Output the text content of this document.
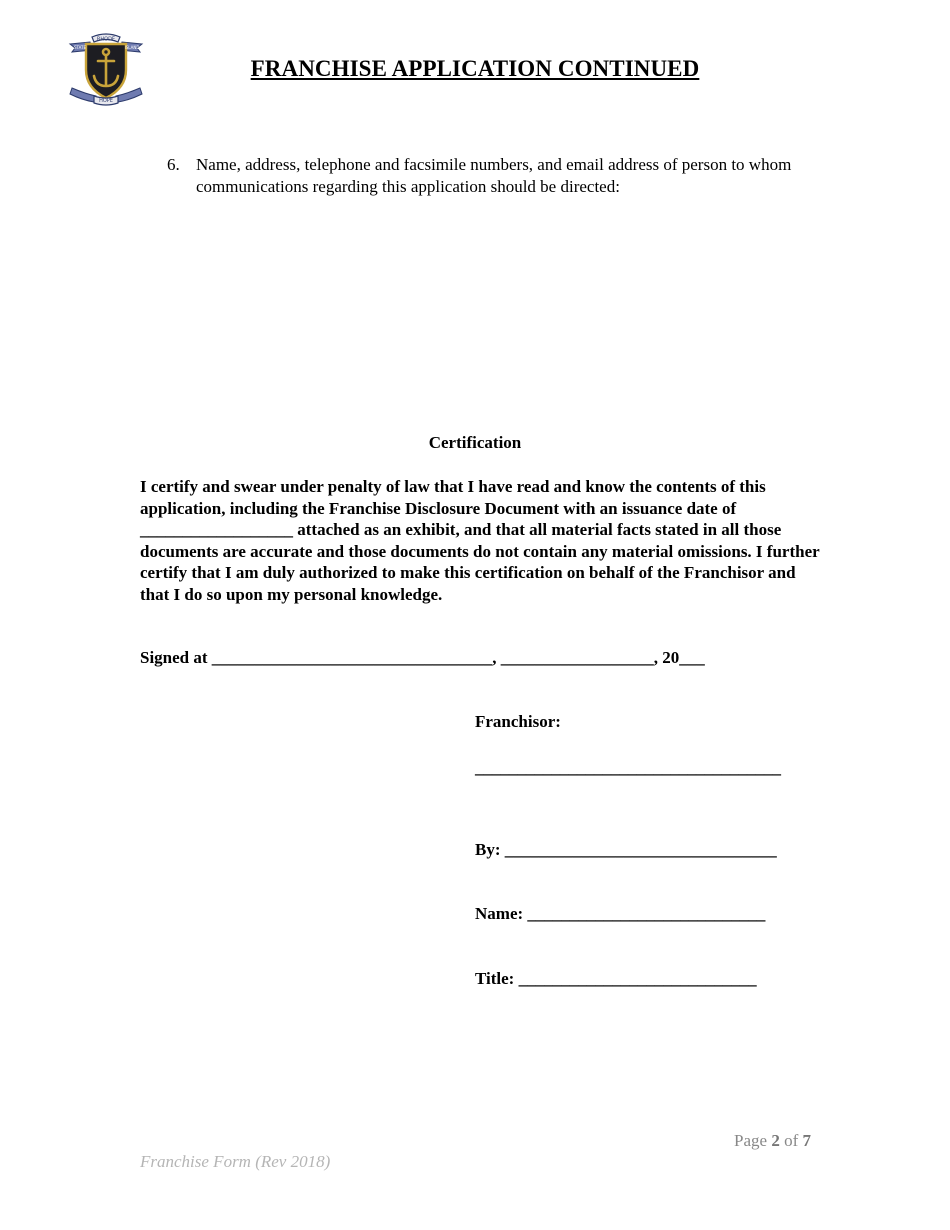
RHODE
STATE	ISLAND
HOPE
FRANCHISE APPLICATION CONTINUED
6. Name, address, telephone and facsimile numbers, and email address of person to whom communications regarding this application should be directed:
Certification
I certify and swear under penalty of law that I have read and know the contents of this application, including the Franchise Disclosure Document with an issuance date of __________________ attached as an exhibit, and that all material facts stated in all those documents are accurate and those documents do not contain any material omissions. I further certify that I am duly authorized to make this certification on behalf of the Franchisor and that I do so upon my personal knowledge.
Signed at _________________________________, __________________, 20___
Franchisor:
____________________________________
By: ________________________________
Name: ____________________________
Title: ____________________________
Page 2 of 7
Franchise Form (Rev 2018)
